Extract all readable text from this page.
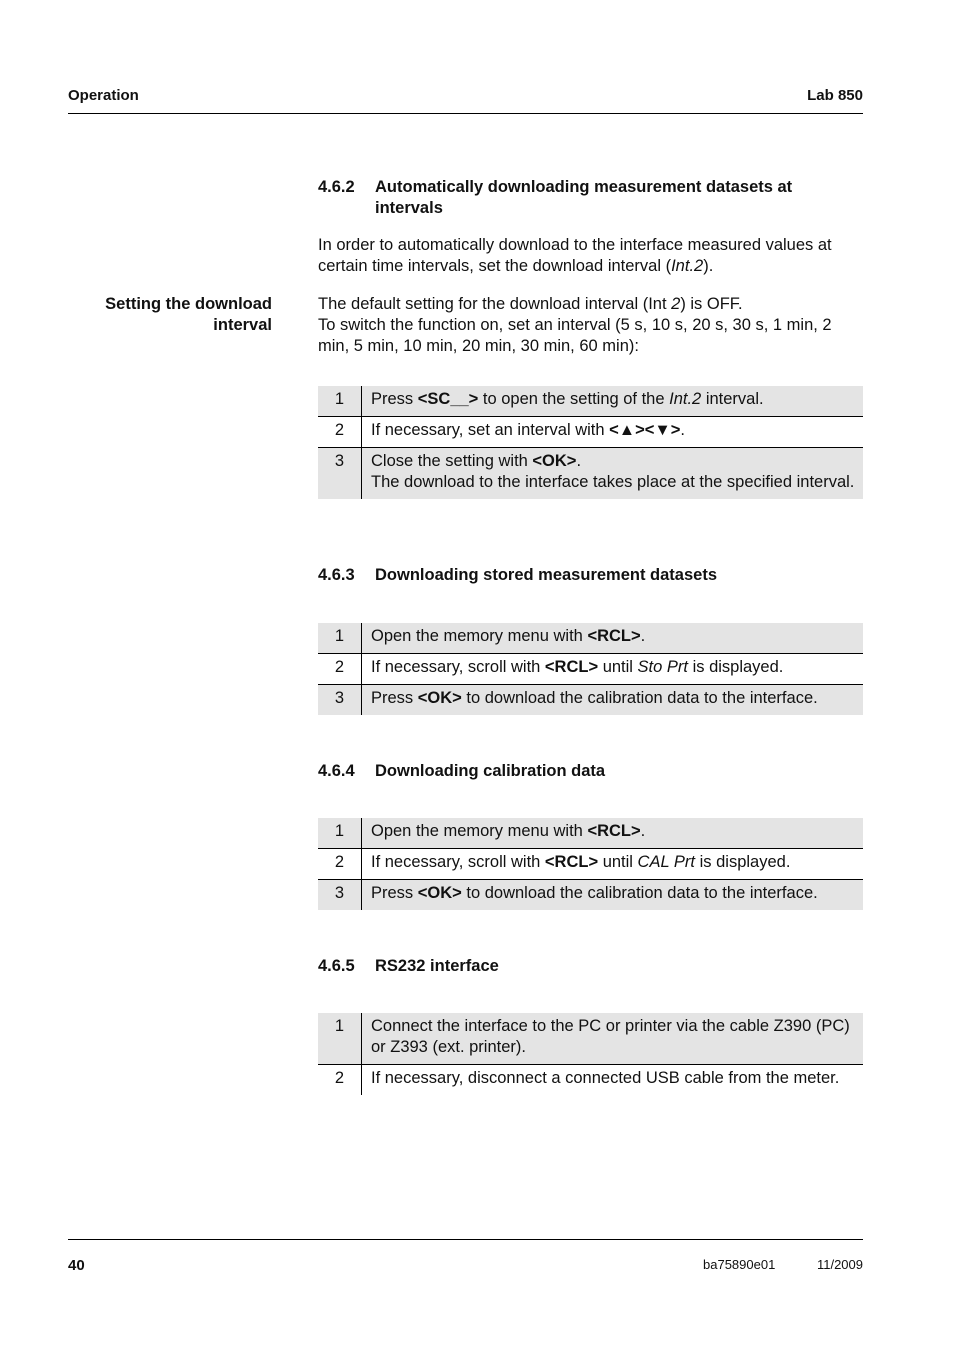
Operation	Lab 850
4.6.2 Automatically downloading measurement datasets at intervals
In order to automatically download to the interface measured values at certain time intervals, set the download interval (Int.2).
Setting the download
interval
The default setting for the download interval (Int 2) is OFF.
To switch the function on, set an interval (5 s, 10 s, 20 s, 30 s, 1 min, 2 min, 5 min, 10 min, 20 min, 30 min, 60 min):
1	Press <SC__> to open the setting of the Int.2 interval.
2	If necessary, set an interval with <▲><▼>.
3	Close the setting with <OK>.
The download to the interface takes place at the specified interval.
4.6.3 Downloading stored measurement datasets
1	Open the memory menu with <RCL>.
2	If necessary, scroll with <RCL> until Sto Prt is displayed.
3	Press <OK> to download the calibration data to the interface.
4.6.4 Downloading calibration data
1	Open the memory menu with <RCL>.
2	If necessary, scroll with <RCL> until CAL Prt is displayed.
3	Press <OK> to download the calibration data to the interface.
4.6.5 RS232 interface
1	Connect the interface to the PC or printer via the cable Z390 (PC) or Z393 (ext. printer).
2	If necessary, disconnect a connected USB cable from the meter.
40	ba75890e01	11/2009
